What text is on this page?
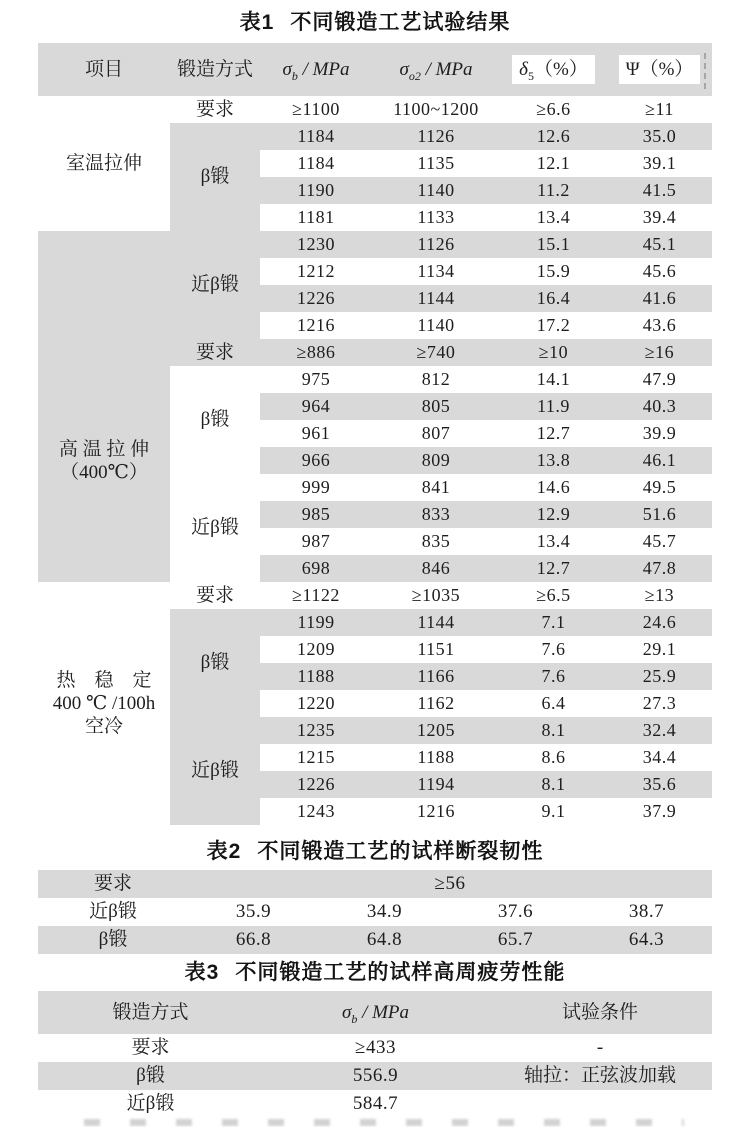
表1 不同锻造工艺试验结果
项目	锻造方式	$\sigma_b$ / MPa	$\sigma_{o2}$ / MPa	$\delta_5(\%)$	Ψ（%）

室温拉伸	要求	≥1100	1100~1200	≥6.6	≥11
	β锻	1184	1126	12.6	35.0
		1184	1135	12.1	39.1
		1190	1140	11.2	41.5
		1181	1133	13.4	39.4
	近β锻	1230	1126	15.1	45.1
		1212	1134	15.9	45.6
		1226	1144	16.4	41.6
		1216	1140	17.2	43.6

高 温 拉 伸
（400℃）	要求	≥886	≥740	≥10	≥16
	β锻	975	812	14.1	47.9
		964	805	11.9	40.3
		961	807	12.7	39.9
		966	809	13.8	46.1
	近β锻	999	841	14.6	49.5
		985	833	12.9	51.6
		987	835	13.4	45.7
		698	846	12.7	47.8

热　稳　定
400 ℃ /100h
空冷	要求	≥1122	≥1035	≥6.5	≥13
	β锻	1199	1144	7.1	24.6
		1209	1151	7.6	29.1
		1188	1166	7.6	25.9
		1220	1162	6.4	27.3
	近β锻	1235	1205	8.1	32.4
		1215	1188	8.6	34.4
		1226	1194	8.1	35.6
		1243	1216	9.1	37.9
表2 不同锻造工艺的试样断裂韧性
要求	≥56			
近β锻	35.9	34.9	37.6	38.7
β锻	66.8	64.8	65.7	64.3
表3 不同锻造工艺的试样高周疲劳性能
锻造方式	$\sigma_b$ / MPa	试验条件
要求	≥433	-
β锻	556.9	轴拉：正弦波加载
近β锻	584.7	
